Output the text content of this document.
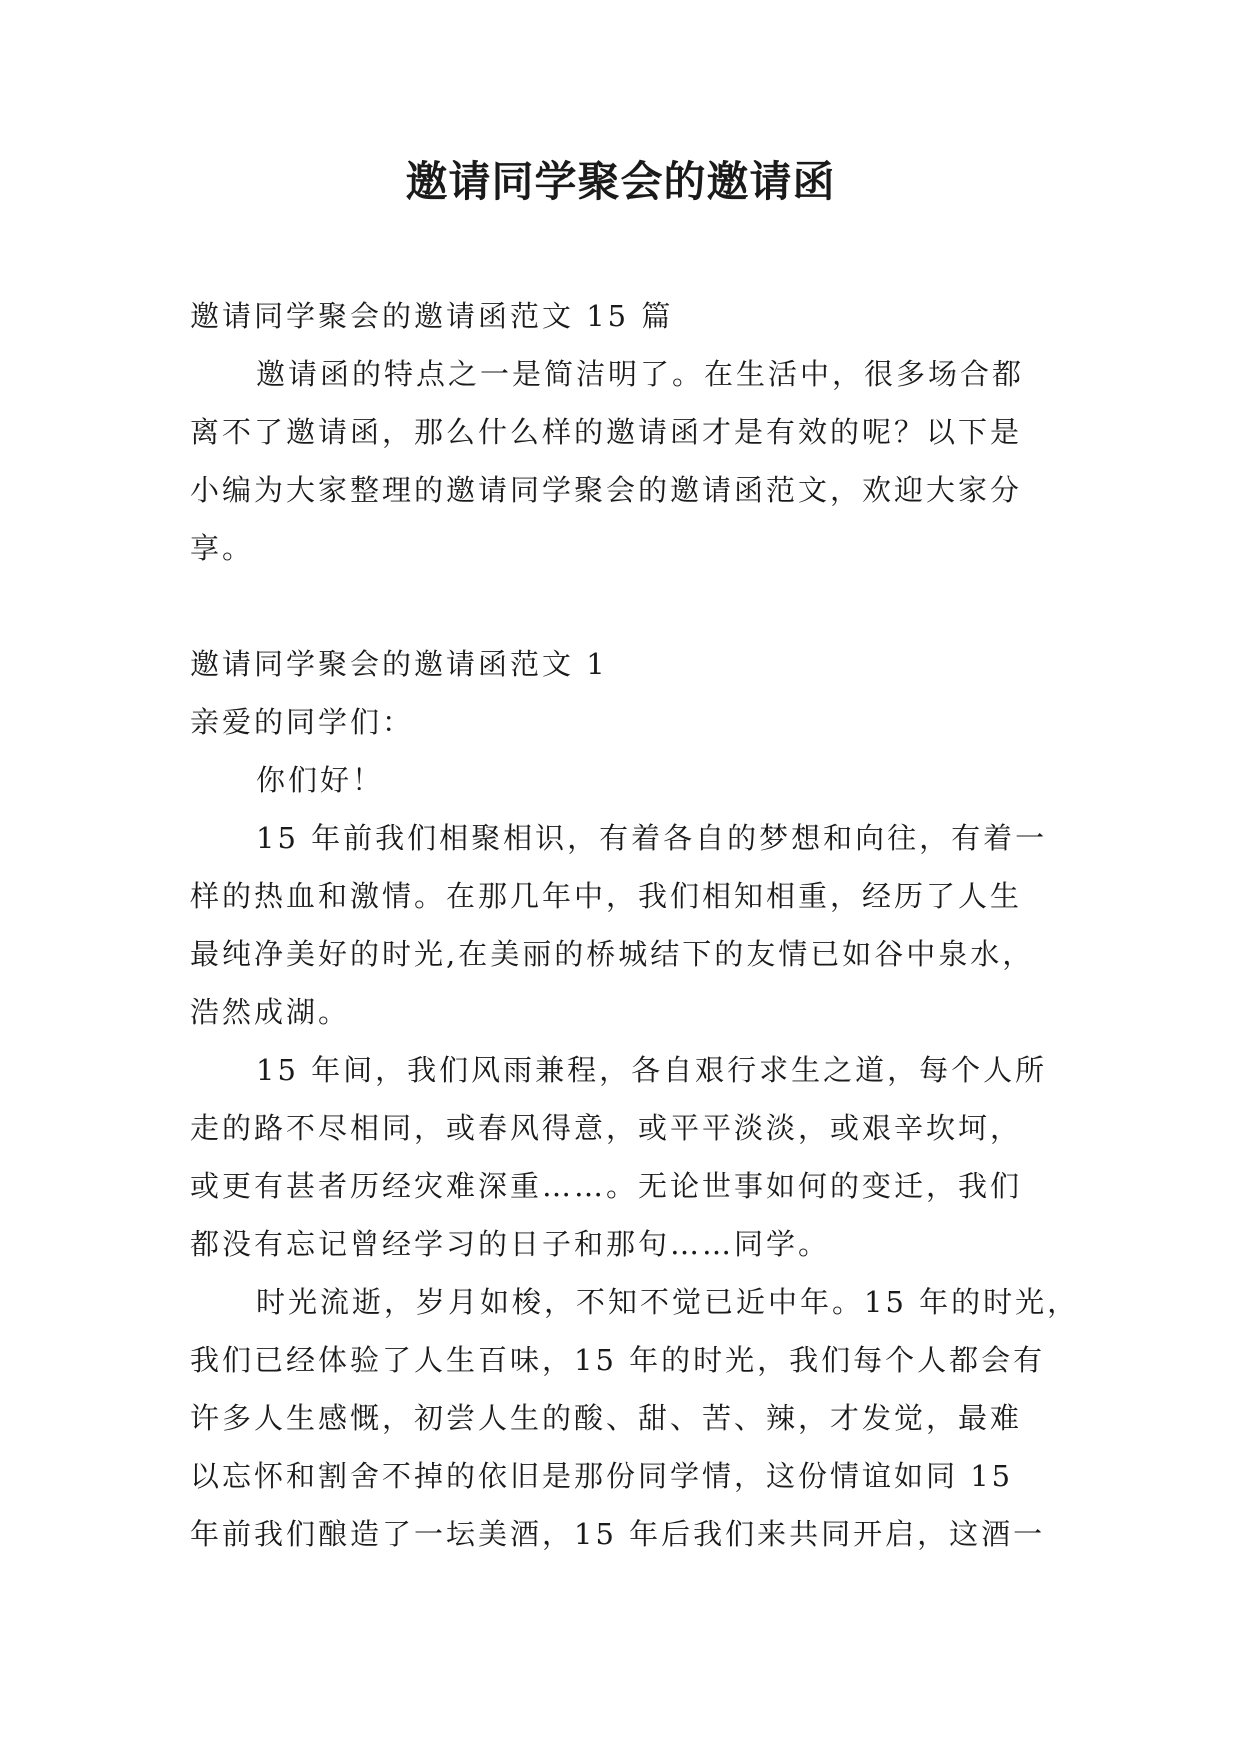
邀请同学聚会的邀请函

邀请同学聚会的邀请函范文 15 篇

邀请函的特点之一是简洁明了。在生活中，很多场合都

离不了邀请函，那么什么样的邀请函才是有效的呢？以下是

小编为大家整理的邀请同学聚会的邀请函范文，欢迎大家分

享。

邀请同学聚会的邀请函范文 1

亲爱的同学们：

你们好！

15 年前我们相聚相识，有着各自的梦想和向往，有着一

样的热血和激情。在那几年中，我们相知相重，经历了人生

最纯净美好的时光,在美丽的桥城结下的友情已如谷中泉水，

浩然成湖。

15 年间，我们风雨兼程，各自艰行求生之道，每个人所

走的路不尽相同，或春风得意，或平平淡淡，或艰辛坎坷，

或更有甚者历经灾难深重……。无论世事如何的变迁，我们

都没有忘记曾经学习的日子和那句……同学。

时光流逝，岁月如梭，不知不觉已近中年。15 年的时光，

我们已经体验了人生百味，15 年的时光，我们每个人都会有

许多人生感慨，初尝人生的酸、甜、苦、辣，才发觉，最难

以忘怀和割舍不掉的依旧是那份同学情，这份情谊如同 15

年前我们酿造了一坛美酒，15 年后我们来共同开启，这酒一
